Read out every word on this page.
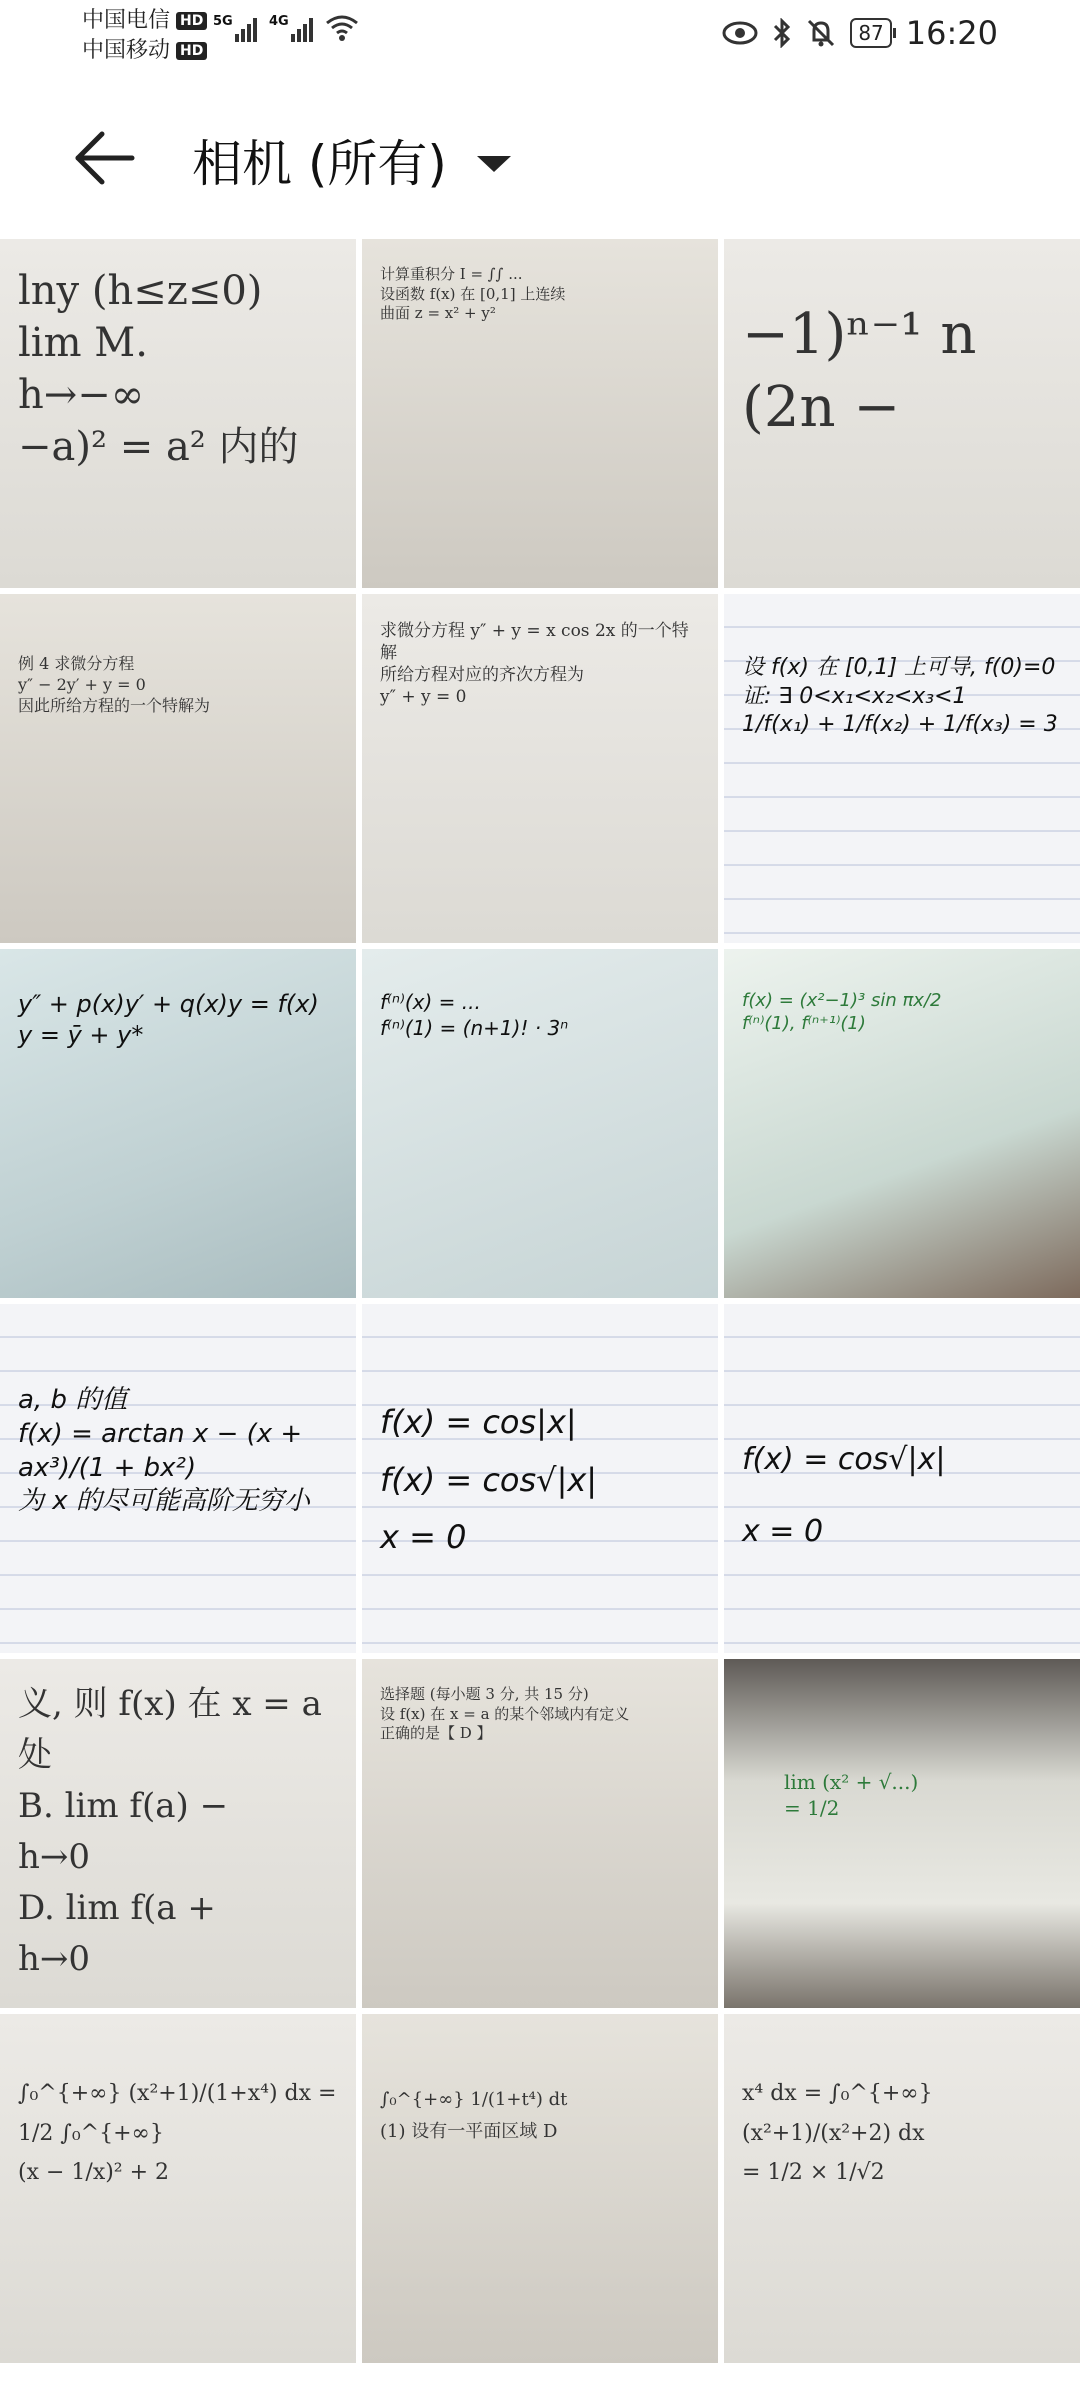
中国电信 HD
中国移动 HD
5G	4G	87 16:20
相机 (所有)
lny (h≤z≤0)
lim M.
h→−∞
−a)² = a² 内的
计算重积分 I = ∫∫ ...
设函数 f(x) 在 [0,1] 上连续
曲面 z = x² + y²	−1)ⁿ⁻¹ n
(2n −
例 4 求微分方程
y″ − 2y′ + y = 0
因此所给方程的一个特解为
求微分方程 y″ + y = x cos 2x 的一个特解
所给方程对应的齐次方程为
y″ + y = 0
设 f(x) 在 [0,1] 上可导, f(0)=0
证: ∃ 0<x₁<x₂<x₃<1
1/f(x₁) + 1/f(x₂) + 1/f(x₃) = 3
y″ + p(x)y′ + q(x)y = f(x)
y = ȳ + y*
f⁽ⁿ⁾(x) = ...
f⁽ⁿ⁾(1) = (n+1)! · 3ⁿ
f(x) = (x²−1)³ sin πx/2
f⁽ⁿ⁾(1), f⁽ⁿ⁺¹⁾(1)
a, b 的值
f(x) = arctan x − (x + ax³)/(1 + bx²)
为 x 的尽可能高阶无穷小
f(x) = cos|x|
f(x) = cos√|x|
x = 0
f(x) = cos√|x|
x = 0
义, 则 f(x) 在 x = a 处
B. lim f(a) −
h→0
D. lim f(a +
h→0
选择题 (每小题 3 分, 共 15 分)
设 f(x) 在 x = a 的某个邻域内有定义
正确的是【 D 】
lim (x² + √...)
= 1/2
∫₀^{+∞} (x²+1)/(1+x⁴) dx = 1/2 ∫₀^{+∞}
(x − 1/x)² + 2
∫₀^{+∞} 1/(1+t⁴) dt
(1) 设有一平面区域 D
x⁴ dx = ∫₀^{+∞}
(x²+1)/(x²+2) dx
= 1/2 × 1/√2
